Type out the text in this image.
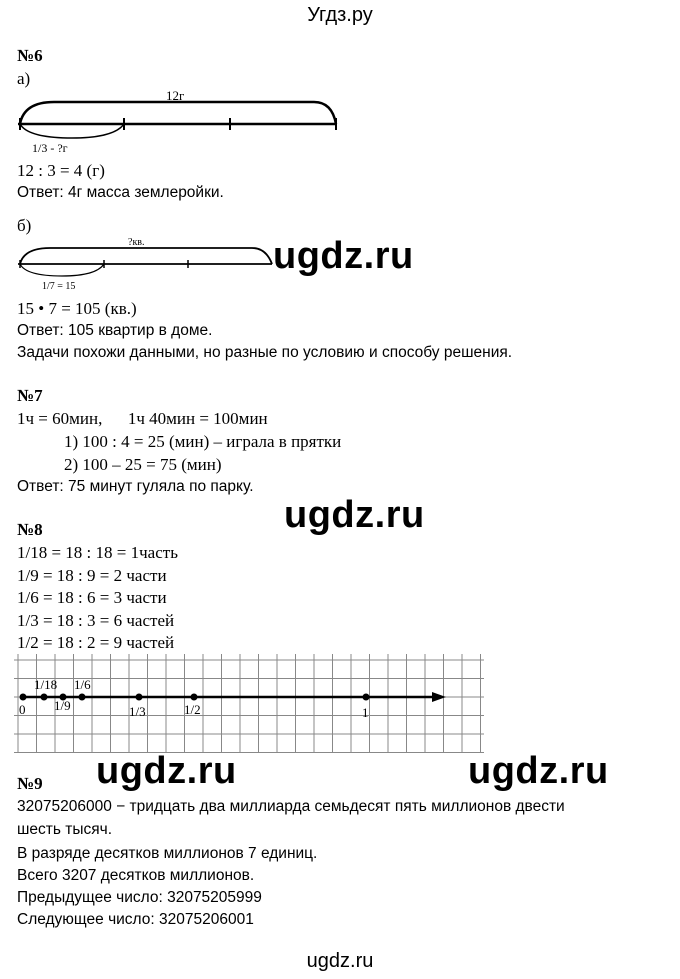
Угдз.ру
№6
а)
12г
1/3 - ?г
12 : 3 = 4 (г)
Ответ: 4г масса землеройки.
б)
?кв.
1/7 = 15
ugdz.ru
15 • 7 = 105 (кв.)
Ответ: 105 квартир в доме.
Задачи похожи данными, но разные по условию и способу решения.
№7
1ч = 60мин,      1ч 40мин = 100мин
1) 100 : 4 = 25 (мин) – играла в прятки
2) 100 – 25 = 75 (мин)
Ответ: 75 минут гуляла по парку.
ugdz.ru
№8
1/18 = 18 : 18 = 1часть
1/9 = 18 : 9 = 2 части
1/6 = 18 : 6 = 3 части
1/3 = 18 : 3 = 6 частей
1/2 = 18 : 2 = 9 частей
1/18 1/6
0 1/9	1/3	1/2	1
ugdz.ru	ugdz.ru
№9
32075206000 − тридцать два миллиарда семьдесят пять миллионов двести
шесть тысяч.
В разряде десятков миллионов 7 единиц.
Всего 3207 десятков миллионов.
Предыдущее число: 32075205999
Следующее число: 32075206001
ugdz.ru
